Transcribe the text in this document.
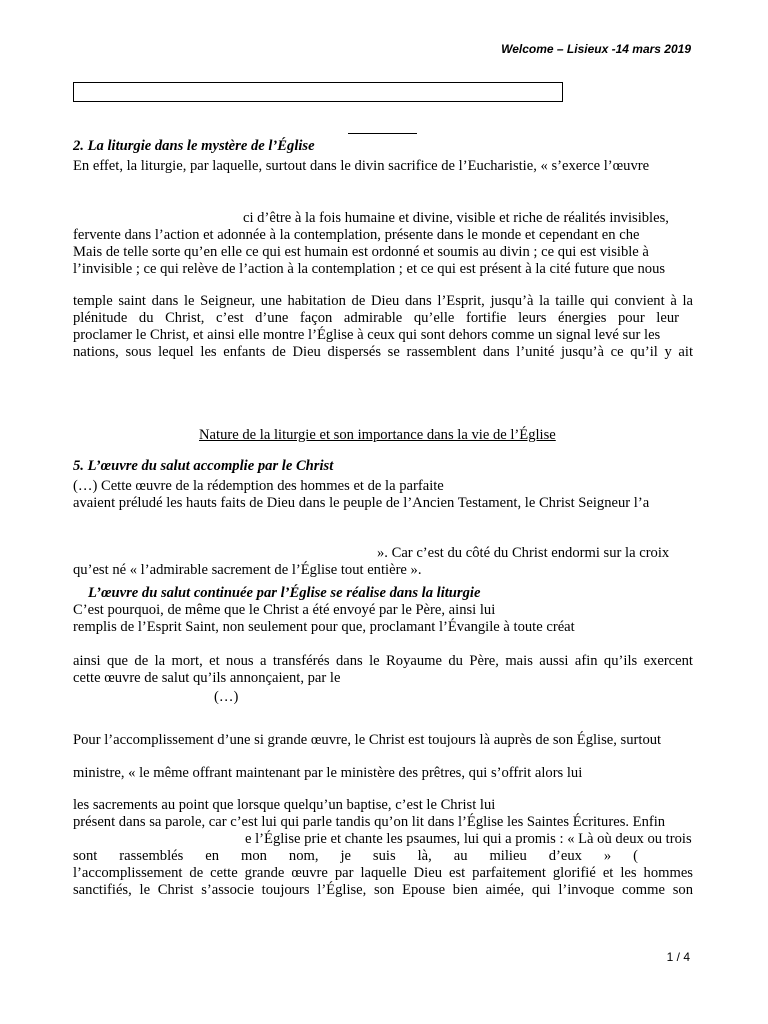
Welcome – Lisieux -14 mars 2019
2. La liturgie dans le mystère de l’Église
En effet, la liturgie, par laquelle, surtout dans le divin sacrifice de l’Eucharistie, « s’exerce l’œuvre
ci d’être à la fois humaine et divine, visible et riche de réalités invisibles,
fervente dans l’action et adonnée à la contemplation, présente dans le monde et cependant en che
Mais de telle sorte qu’en elle ce qui est humain est ordonné et soumis au divin ; ce qui est visible à
l’invisible ; ce qui relève de l’action à la contemplation ; et ce qui est présent à la cité future que nous
temple saint dans le Seigneur, une habitation de Dieu dans l’Esprit, jusqu’à la taille qui convient à la
plénitude du Christ, c’est d’une façon admirable qu’elle fortifie leurs énergies pour leur
proclamer le Christ, et ainsi elle montre l’Église à ceux qui sont dehors comme un signal levé sur les
nations, sous lequel les enfants de Dieu dispersés se rassemblent dans l’unité jusqu’à ce qu’il y ait
Nature de la liturgie et son importance dans la vie de l’Église
5. L’œuvre du salut accomplie par le Christ
(…) Cette œuvre de la rédemption des hommes et de la parfaite
avaient préludé les hauts faits de Dieu dans le peuple de l’Ancien Testament, le Christ Seigneur l’a
». Car c’est du côté du Christ endormi sur la croix
qu’est né « l’admirable sacrement de l’Église tout entière ».
L’œuvre du salut continuée par l’Église se réalise dans la liturgie
C’est pourquoi, de même que le Christ a été envoyé par le Père, ainsi lui
remplis de l’Esprit Saint, non seulement pour que, proclamant l’Évangile à toute créat
ainsi que de la mort, et nous a transférés dans le Royaume du Père, mais aussi afin qu’ils exercent
cette œuvre de salut qu’ils annonçaient, par le
(…)
Pour l’accomplissement d’une si grande œuvre, le Christ est toujours là auprès de son Église, surtout
ministre, « le même offrant maintenant par le ministère des prêtres, qui s’offrit alors lui
les sacrements au point que lorsque quelqu’un baptise, c’est le Christ lui
présent dans sa parole, car c’est lui qui parle tandis qu’on lit dans l’Église les Saintes Écritures. Enfin
e l’Église prie et chante les psaumes, lui qui a promis : « Là où deux ou trois
sont rassemblés en mon nom, je suis là, au milieu d’eux » (
l’accomplissement de cette grande œuvre par laquelle Dieu est parfaitement glorifié et les hommes
sanctifiés, le Christ s’associe toujours l’Église, son Epouse bien aimée, qui l’invoque comme son
1 / 4
